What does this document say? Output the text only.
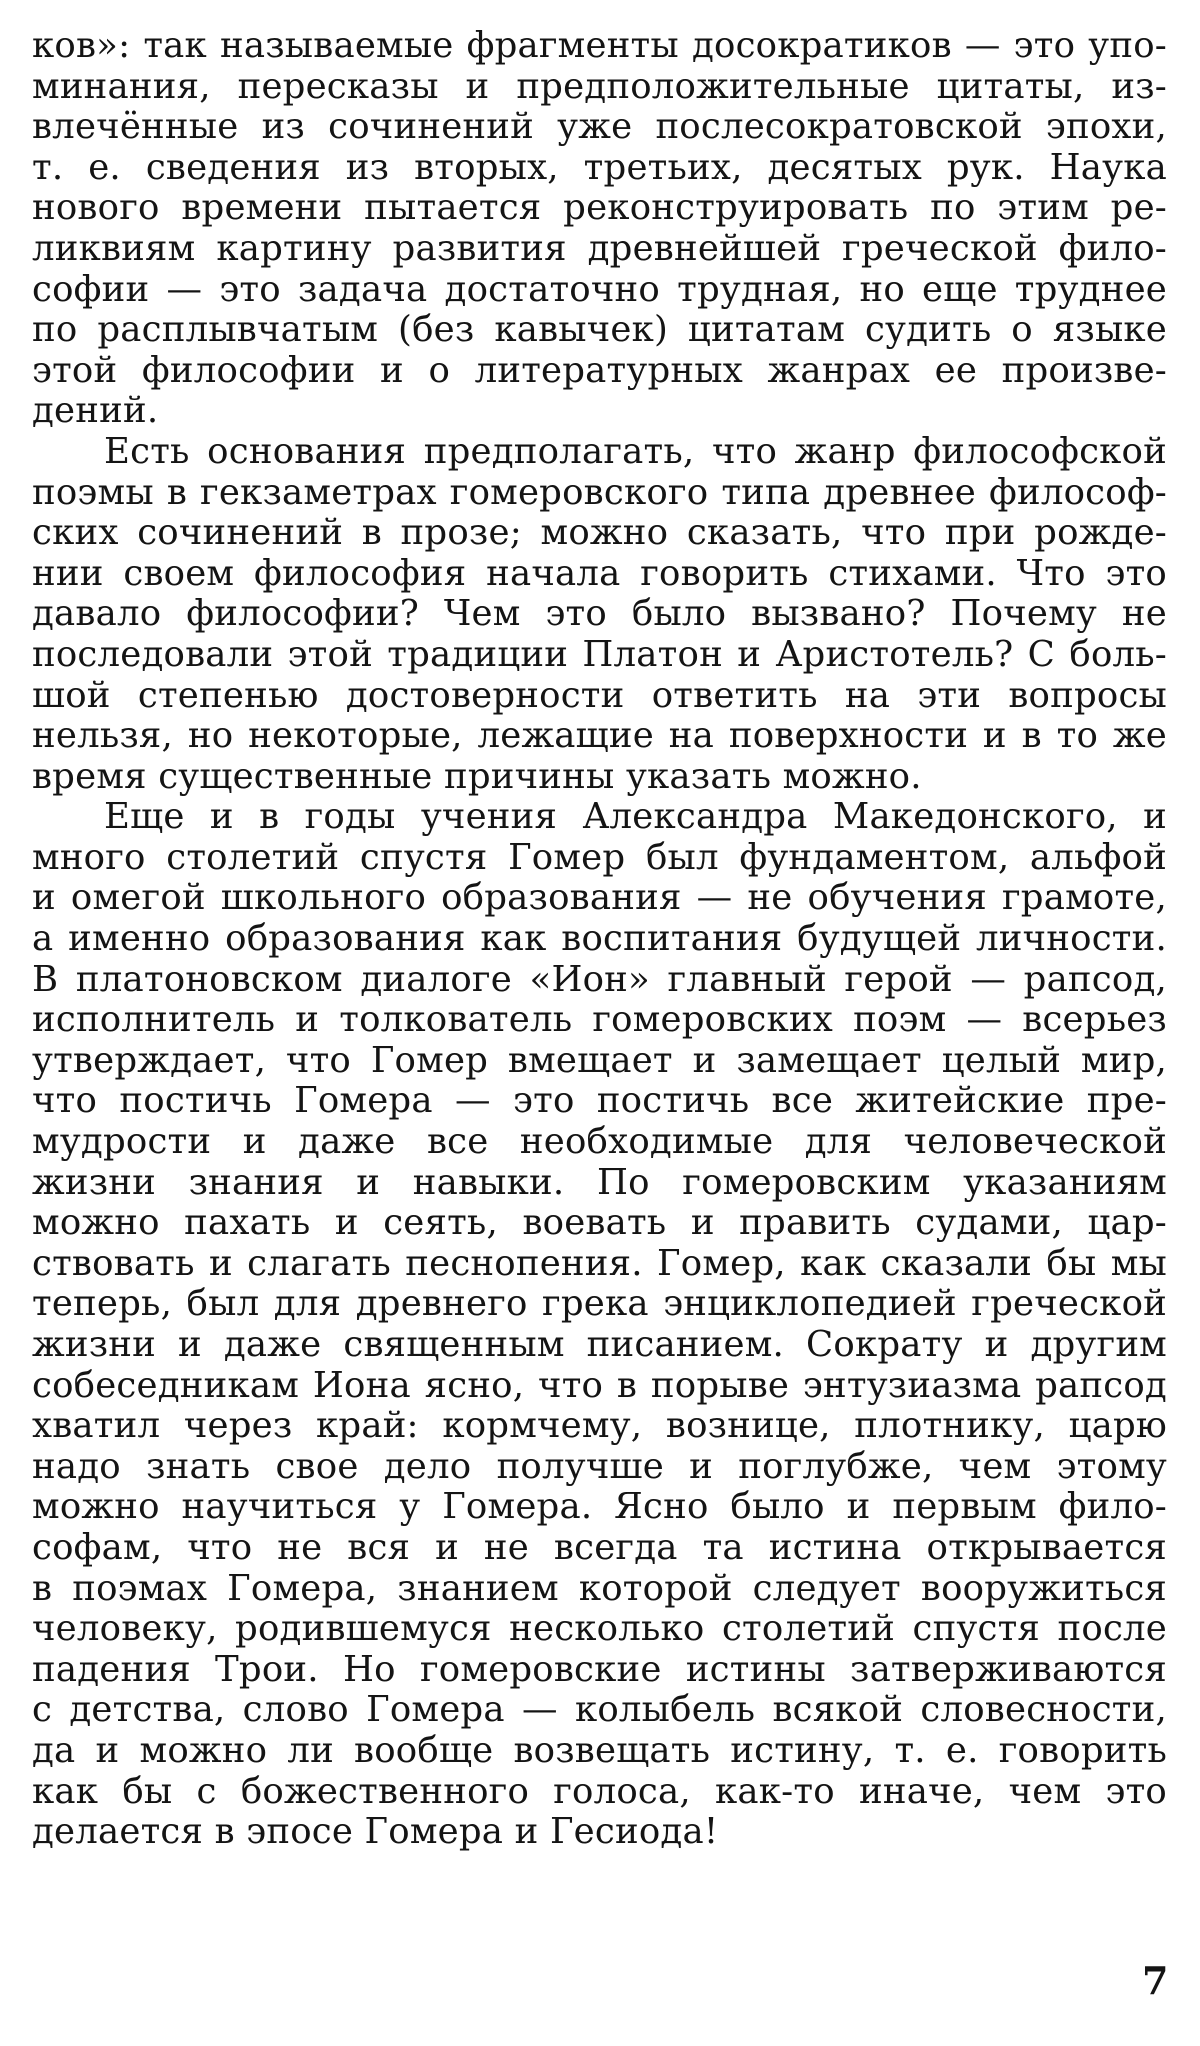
ков»: так называемые фрагменты досократиков — это упо-
минания, пересказы и предположительные цитаты, из-
влечённые из сочинений уже послесократовской эпохи,
т. е. сведения из вторых, третьих, десятых рук. Наука
нового времени пытается реконструировать по этим ре-
ликвиям картину развития древнейшей греческой фило-
софии — это задача достаточно трудная, но еще труднее
по расплывчатым (без кавычек) цитатам судить о языке
этой философии и о литературных жанрах ее произве-
дений.
Есть основания предполагать, что жанр философской
поэмы в гекзаметрах гомеровского типа древнее философ-
ских сочинений в прозе; можно сказать, что при рожде-
нии своем философия начала говорить стихами. Что это
давало философии? Чем это было вызвано? Почему не
последовали этой традиции Платон и Аристотель? С боль-
шой степенью достоверности ответить на эти вопросы
нельзя, но некоторые, лежащие на поверхности и в то же
время существенные причины указать можно.
Еще и в годы учения Александра Македонского, и
много столетий спустя Гомер был фундаментом, альфой
и омегой школьного образования — не обучения грамоте,
а именно образования как воспитания будущей личности.
В платоновском диалоге «Ион» главный герой — рапсод,
исполнитель и толкователь гомеровских поэм — всерьез
утверждает, что Гомер вмещает и замещает целый мир,
что постичь Гомера — это постичь все житейские пре-
мудрости и даже все необходимые для человеческой
жизни знания и навыки. По гомеровским указаниям
можно пахать и сеять, воевать и править судами, цар-
ствовать и слагать песнопения. Гомер, как сказали бы мы
теперь, был для древнего грека энциклопедией греческой
жизни и даже священным писанием. Сократу и другим
собеседникам Иона ясно, что в порыве энтузиазма рапсод
хватил через край: кормчему, вознице, плотнику, царю
надо знать свое дело получше и поглубже, чем этому
можно научиться у Гомера. Ясно было и первым фило-
софам, что не вся и не всегда та истина открывается
в поэмах Гомера, знанием которой следует вооружиться
человеку, родившемуся несколько столетий спустя после
падения Трои. Но гомеровские истины затверживаются
с детства, слово Гомера — колыбель всякой словесности,
да и можно ли вообще возвещать истину, т. е. говорить
как бы с божественного голоса, как-то иначе, чем это
делается в эпосе Гомера и Гесиода!
7
